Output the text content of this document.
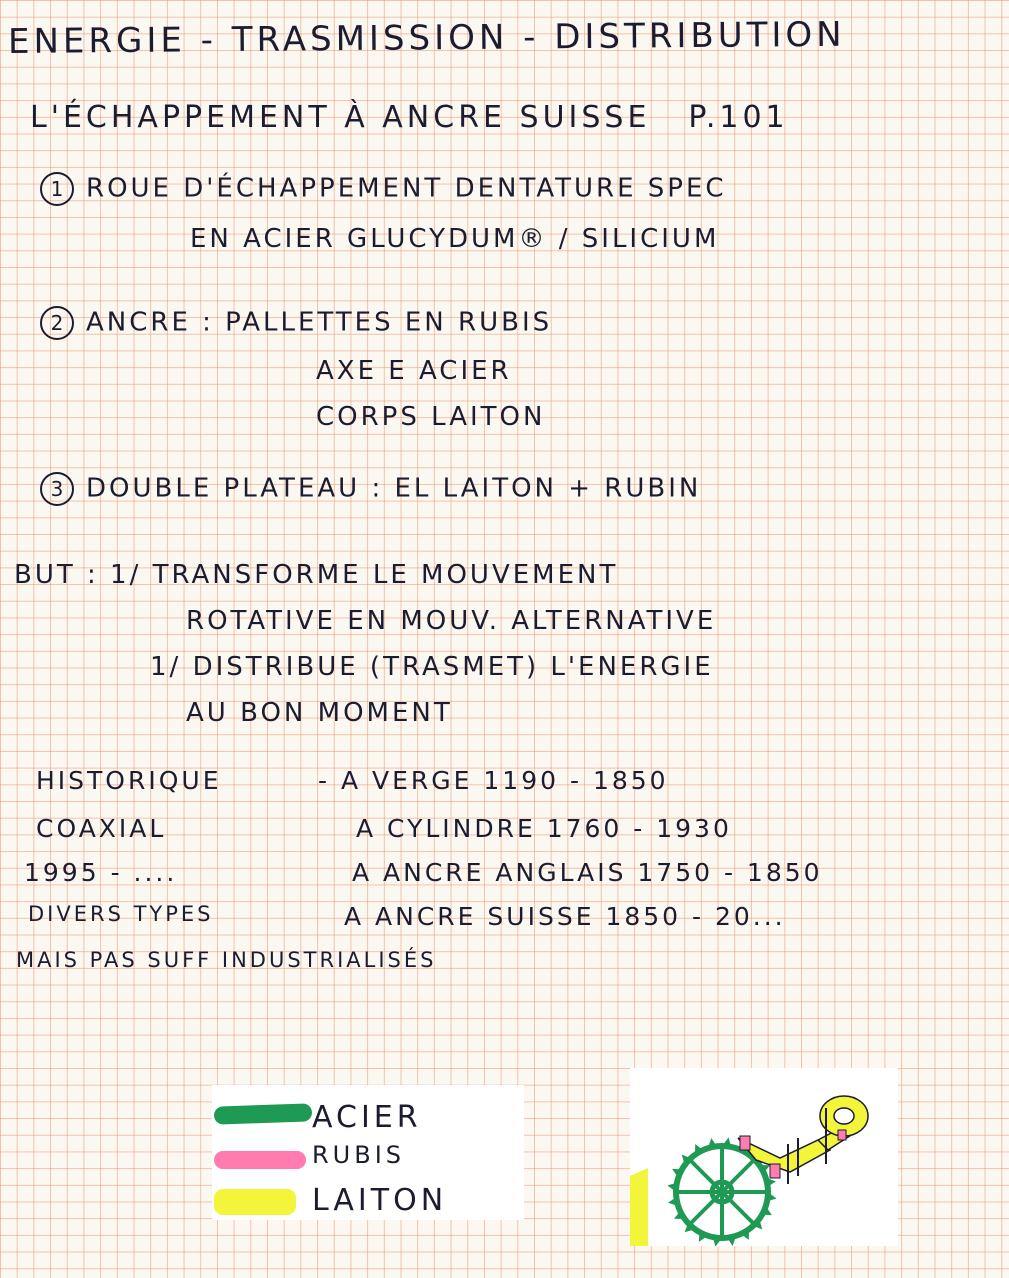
ENERGIE - TRASMISSION - DISTRIBUTION
L'ÉCHAPPEMENT À ANCRE SUISSE P.101
1 ROUE D'ÉCHAPPEMENT DENTATURE SPEC
EN ACIER GLUCYDUM® / SILICIUM
2 ANCRE : PALLETTES EN RUBIS
AXE E ACIER
CORPS LAITON
3 DOUBLE PLATEAU : EL LAITON + RUBIN
BUT : 1/ TRANSFORME LE MOUVEMENT
ROTATIVE EN MOUV. ALTERNATIVE
1/ DISTRIBUE (TRASMET) L'ENERGIE
AU BON MOMENT
HISTORIQUE
COAXIAL
1995 - ....
DIVERS TYPES
MAIS PAS SUFF INDUSTRIALISÉS
- A VERGE 1190 - 1850
A CYLINDRE 1760 - 1930
A ANCRE ANGLAIS 1750 - 1850
A ANCRE SUISSE 1850 - 20...
ACIER
RUBIS
LAITON
